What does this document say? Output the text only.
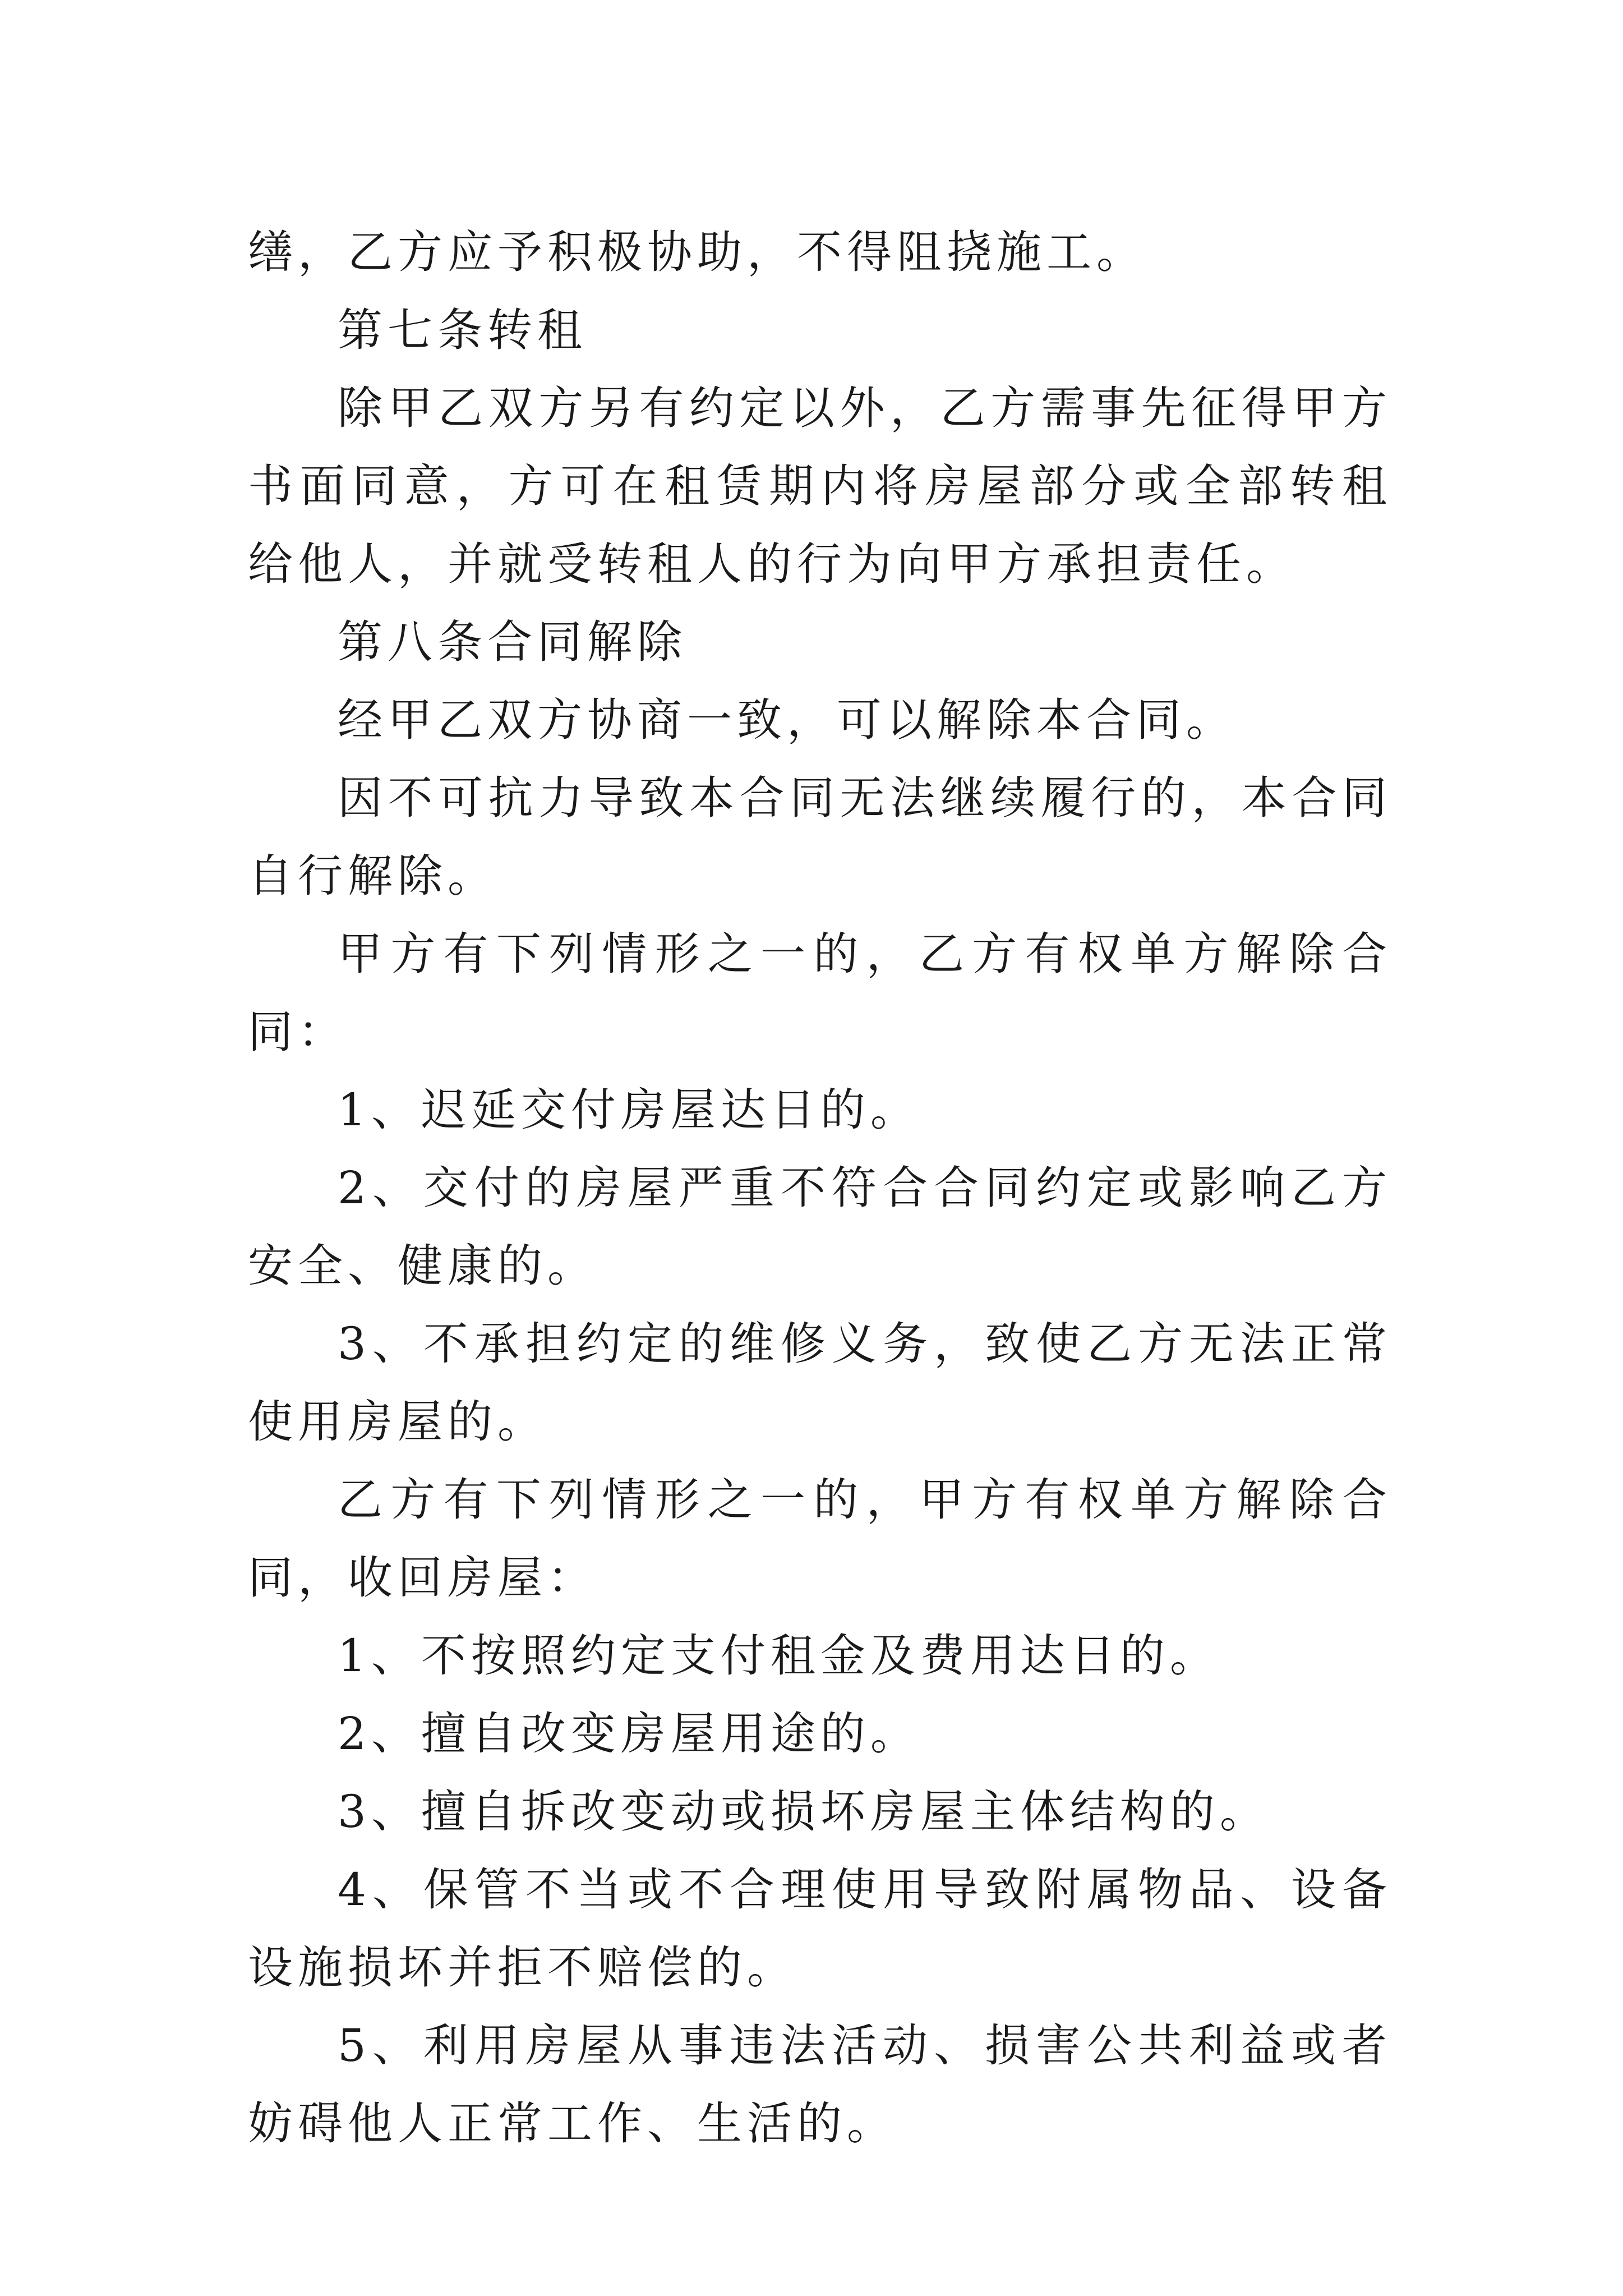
缮，乙方应予积极协助，不得阻挠施工。

第七条转租

除甲乙双方另有约定以外，乙方需事先征得甲方书面同意，方可在租赁期内将房屋部分或全部转租给他人，并就受转租人的行为向甲方承担责任。

第八条合同解除

经甲乙双方协商一致，可以解除本合同。

因不可抗力导致本合同无法继续履行的，本合同自行解除。

甲方有下列情形之一的，乙方有权单方解除合同：

1、迟延交付房屋达日的。

2、交付的房屋严重不符合合同约定或影响乙方安全、健康的。

3、不承担约定的维修义务，致使乙方无法正常使用房屋的。

乙方有下列情形之一的，甲方有权单方解除合同，收回房屋：

1、不按照约定支付租金及费用达日的。

2、擅自改变房屋用途的。

3、擅自拆改变动或损坏房屋主体结构的。

4、保管不当或不合理使用导致附属物品、设备设施损坏并拒不赔偿的。

5、利用房屋从事违法活动、损害公共利益或者妨碍他人正常工作、生活的。
